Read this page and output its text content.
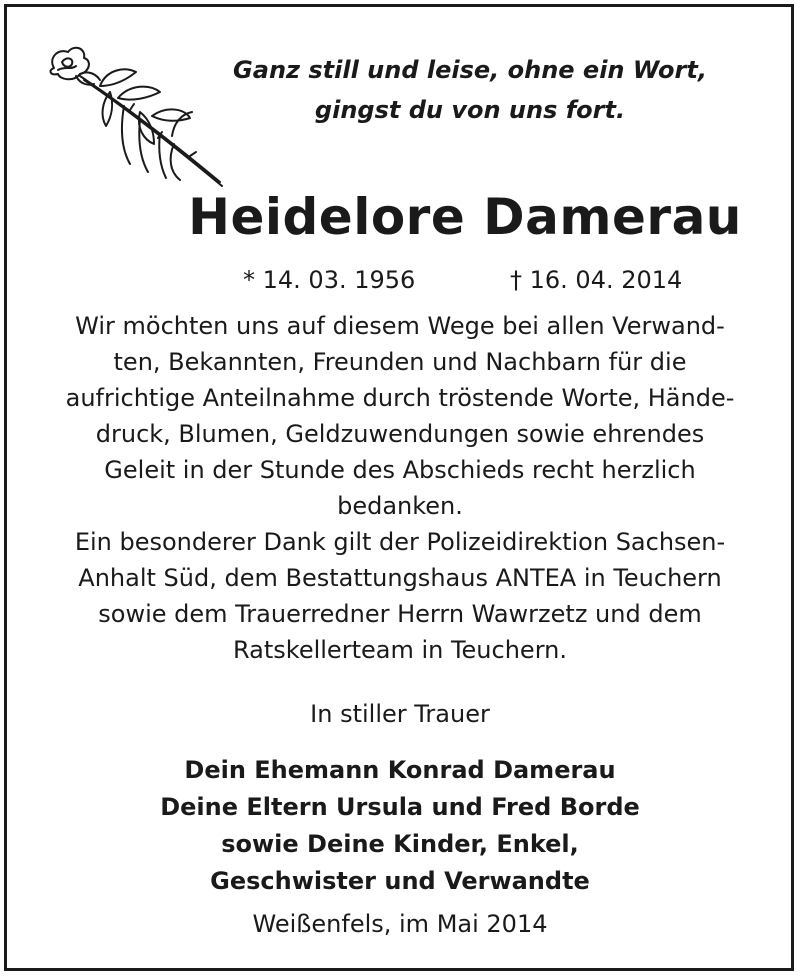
Ganz still und leise, ohne ein Wort,
gingst du von uns fort.
Heidelore Damerau
* 14. 03. 1956	† 16. 04. 2014
Wir möchten uns auf diesem Wege bei allen Verwand-
ten, Bekannten, Freunden und Nachbarn für die
aufrichtige Anteilnahme durch tröstende Worte, Hände-
druck, Blumen, Geldzuwendungen sowie ehrendes
Geleit in der Stunde des Abschieds recht herzlich
bedanken.
Ein besonderer Dank gilt der Polizeidirektion Sachsen-
Anhalt Süd, dem Bestattungshaus ANTEA in Teuchern
sowie dem Trauerredner Herrn Wawrzetz und dem
Ratskellerteam in Teuchern.
In stiller Trauer
Dein Ehemann Konrad Damerau
Deine Eltern Ursula und Fred Borde
sowie Deine Kinder, Enkel,
Geschwister und Verwandte
Weißenfels, im Mai 2014
